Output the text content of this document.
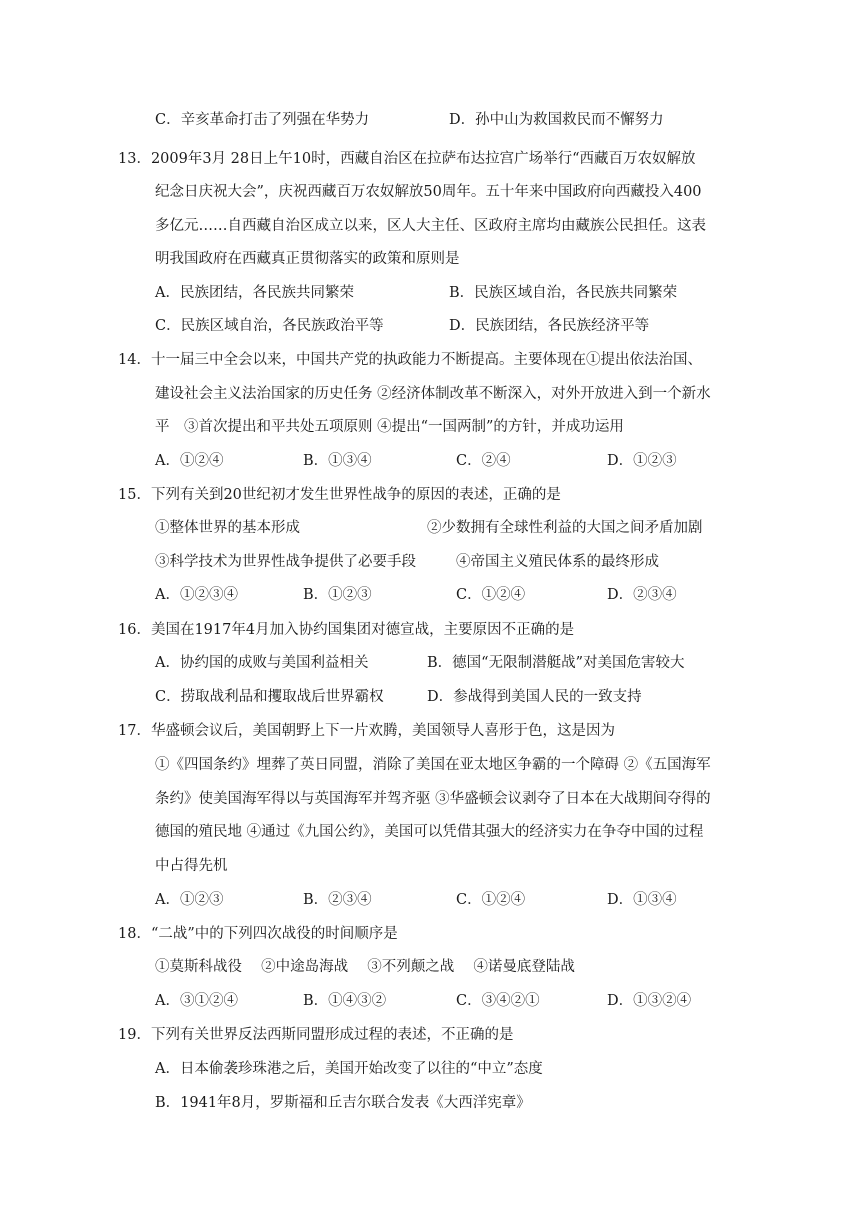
C．辛亥革命打击了列强在华势力	D．孙中山为救国救民而不懈努力
13．2009年3月 28日上午10时，西藏自治区在拉萨布达拉宫广场举行“西藏百万农奴解放
纪念日庆祝大会”，庆祝西藏百万农奴解放50周年。五十年来中国政府向西藏投入400
多亿元……自西藏自治区成立以来，区人大主任、区政府主席均由藏族公民担任。这表
明我国政府在西藏真正贯彻落实的政策和原则是
A．民族团结，各民族共同繁荣	B．民族区域自治，各民族共同繁荣
C．民族区域自治，各民族政治平等	D．民族团结，各民族经济平等
14．十一届三中全会以来，中国共产党的执政能力不断提高。主要体现在①提出依法治国、
建设社会主义法治国家的历史任务 ②经济体制改革不断深入，对外开放进入到一个新水
平　③首次提出和平共处五项原则 ④提出“一国两制”的方针，并成功运用
A．①②④	B．①③④	C．②④	D．①②③
15．下列有关到20世纪初才发生世界性战争的原因的表述，正确的是
①整体世界的基本形成	②少数拥有全球性利益的大国之间矛盾加剧
③科学技术为世界性战争提供了必要手段	④帝国主义殖民体系的最终形成
A．①②③④	B．①②③	C．①②④	D．②③④
16．美国在1917年4月加入协约国集团对德宣战，主要原因不正确的是
A．协约国的成败与美国利益相关	B．德国“无限制潜艇战”对美国危害较大
C．捞取战利品和攫取战后世界霸权	D．参战得到美国人民的一致支持
17．华盛顿会议后，美国朝野上下一片欢腾，美国领导人喜形于色，这是因为
①《四国条约》埋葬了英日同盟，消除了美国在亚太地区争霸的一个障碍 ②《五国海军
条约》使美国海军得以与英国海军并驾齐驱 ③华盛顿会议剥夺了日本在大战期间夺得的
德国的殖民地 ④通过《九国公约》，美国可以凭借其强大的经济实力在争夺中国的过程
中占得先机
A．①②③	B．②③④	C．①②④	D．①③④
18．“二战”中的下列四次战役的时间顺序是
①莫斯科战役　 ②中途岛海战　 ③不列颠之战　 ④诺曼底登陆战
A．③①②④	B．①④③②	C．③④②①	D．①③②④
19．下列有关世界反法西斯同盟形成过程的表述，不正确的是
A．日本偷袭珍珠港之后，美国开始改变了以往的“中立”态度
B．1941年8月，罗斯福和丘吉尔联合发表《大西洋宪章》
